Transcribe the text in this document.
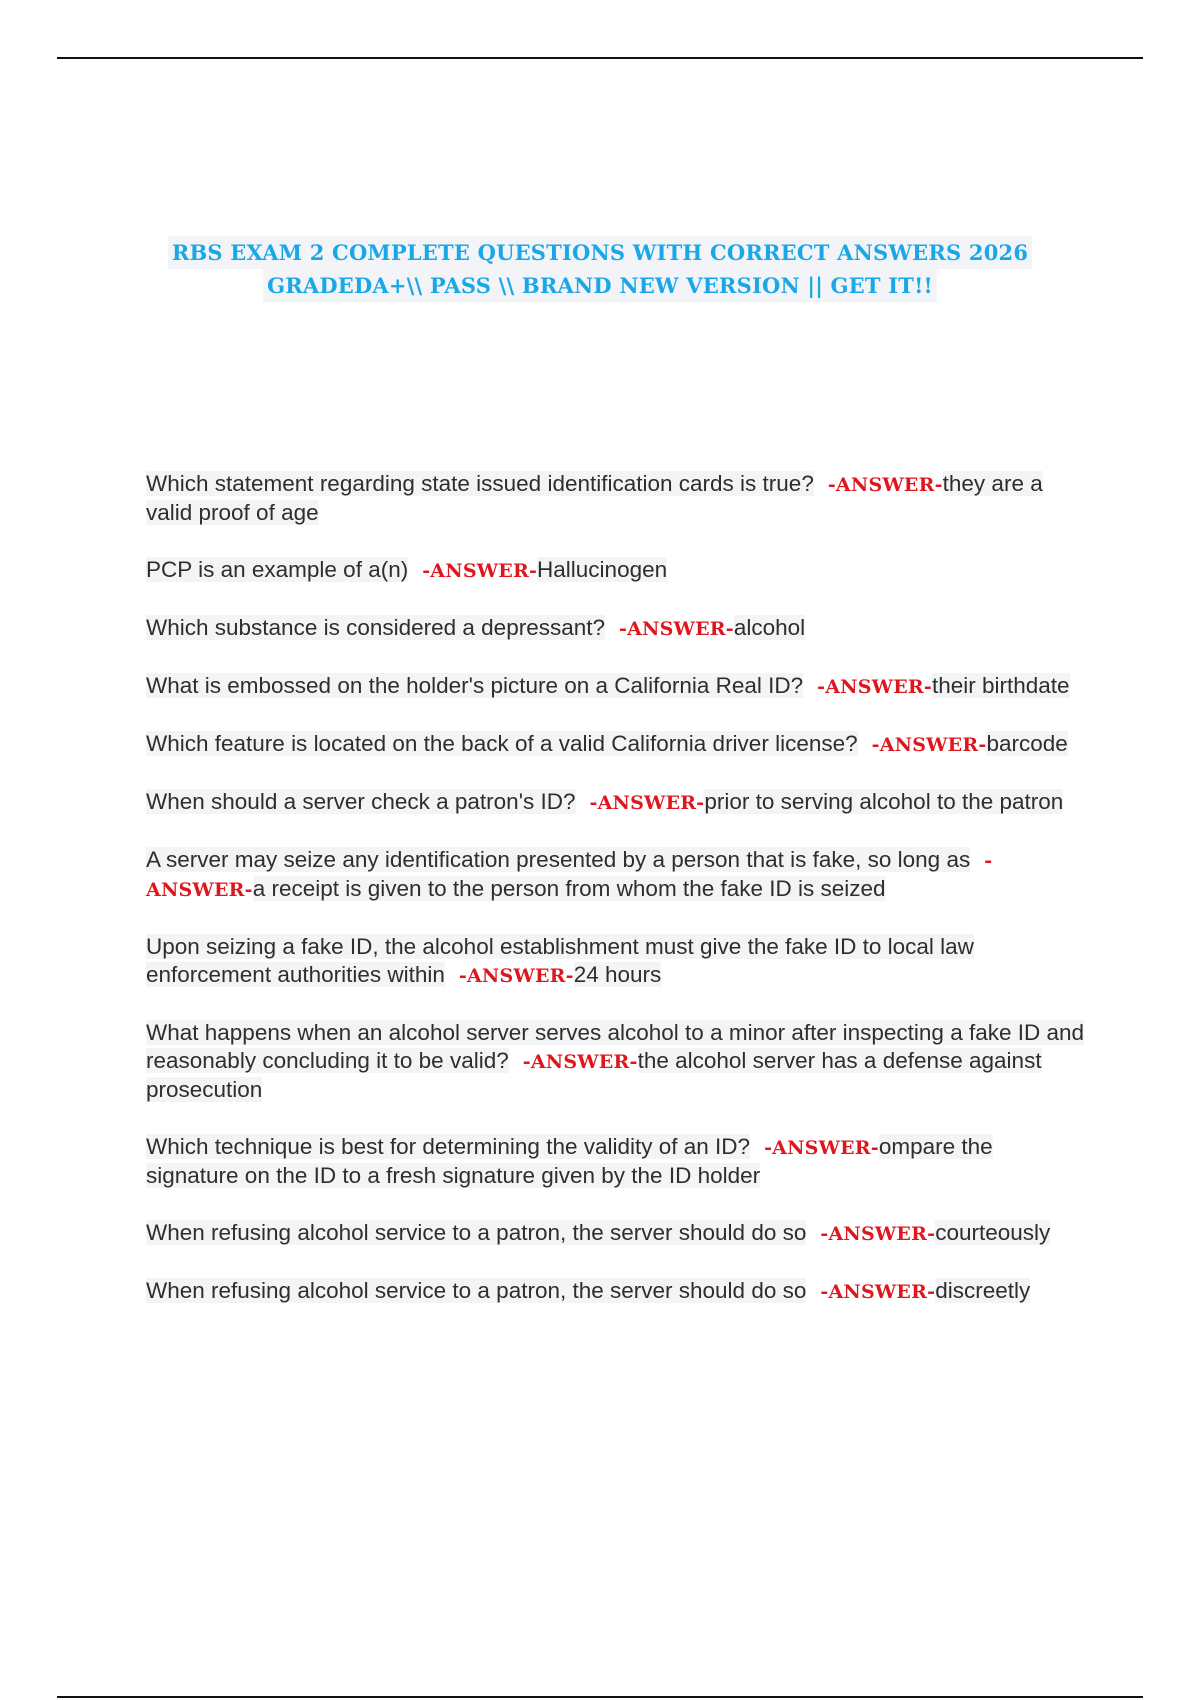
RBS EXAM 2 COMPLETE QUESTIONS WITH CORRECT ANSWERS 2026
GRADEDA+\\ PASS \\ BRAND NEW VERSION || GET IT!!
Which statement regarding state issued identification cards is true? -ANSWER-they are a valid proof of age
PCP is an example of a(n) -ANSWER-Hallucinogen
Which substance is considered a depressant? -ANSWER-alcohol
What is embossed on the holder's picture on a California Real ID? -ANSWER-their birthdate
Which feature is located on the back of a valid California driver license? -ANSWER-barcode
When should a server check a patron's ID? -ANSWER-prior to serving alcohol to the patron
A server may seize any identification presented by a person that is fake, so long as -ANSWER-a receipt is given to the person from whom the fake ID is seized
Upon seizing a fake ID, the alcohol establishment must give the fake ID to local law enforcement authorities within -ANSWER-24 hours
What happens when an alcohol server serves alcohol to a minor after inspecting a fake ID and reasonably concluding it to be valid? -ANSWER-the alcohol server has a defense against prosecution
Which technique is best for determining the validity of an ID? -ANSWER-ompare the signature on the ID to a fresh signature given by the ID holder
When refusing alcohol service to a patron, the server should do so -ANSWER-courteously
When refusing alcohol service to a patron, the server should do so -ANSWER-discreetly
